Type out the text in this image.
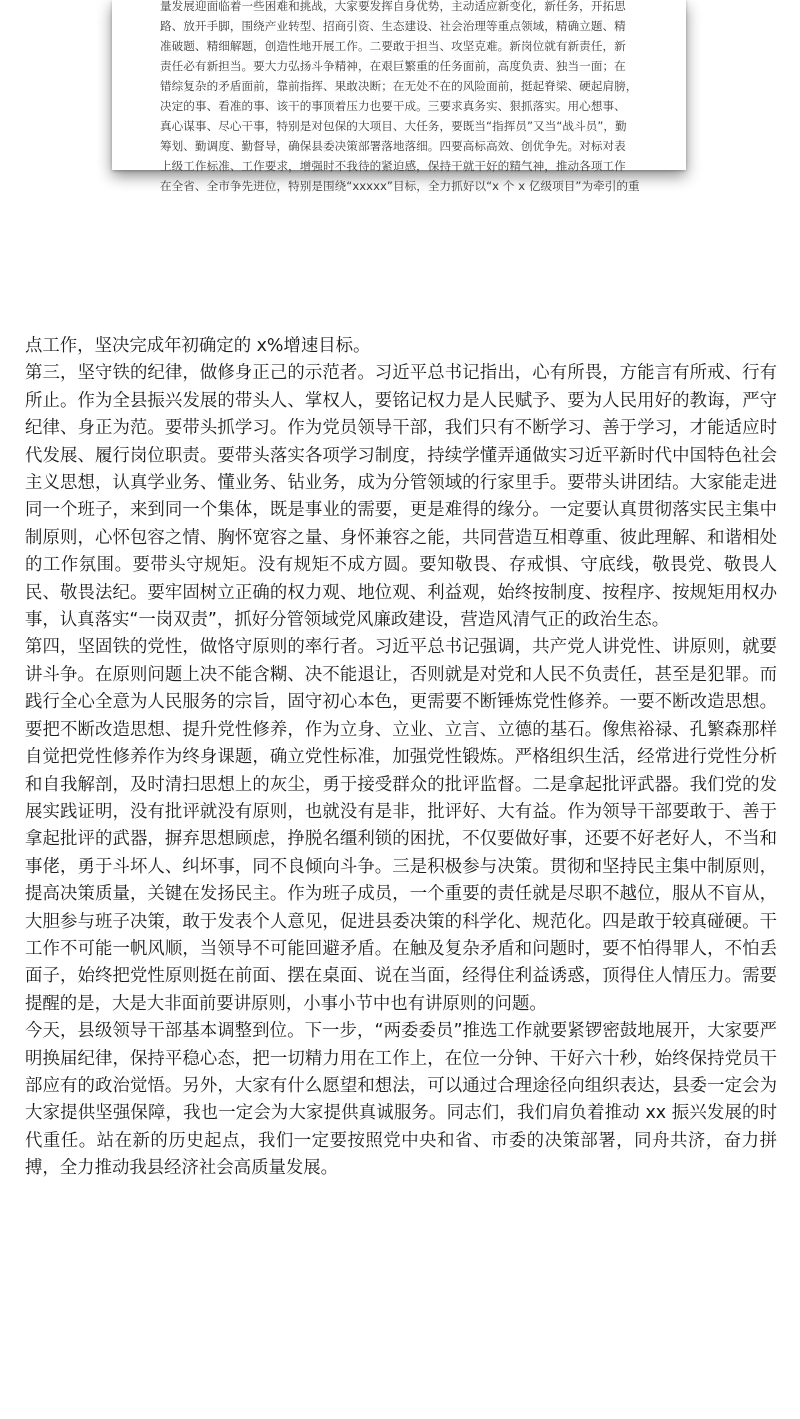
量发展迎面临着一些困难和挑战，大家要发挥自身优势，主动适应新变化，新任务，开拓思
路、放开手脚，围绕产业转型、招商引资、生态建设、社会治理等重点领域，精确立题、精
准破题、精细解题，创造性地开展工作。二要敢于担当、攻坚克难。新岗位就有新责任，新
责任必有新担当。要大力弘扬斗争精神，在艰巨繁重的任务面前，高度负责、独当一面；在
错综复杂的矛盾面前，靠前指挥、果敢决断；在无处不在的风险面前，挺起脊梁、硬起肩膀，
决定的事、看准的事、该干的事顶着压力也要干成。三要求真务实、狠抓落实。用心想事、
真心谋事、尽心干事，特别是对包保的大项目、大任务，要既当“指挥员”又当“战斗员”，勤
筹划、勤调度、勤督导，确保县委决策部署落地落细。四要高标高效、创优争先。对标对表
上级工作标准、工作要求，增强时不我待的紧迫感，保持干就干好的精气神，推动各项工作
在全省、全市争先进位，特别是围绕“xxxxx”目标，全力抓好以“x 个 x 亿级项目”为牵引的重

点工作，坚决完成年初确定的 x%增速目标。

第三，坚守铁的纪律，做修身正己的示范者。习近平总书记指出，心有所畏，方能言有所戒、行有所止。作为全县振兴发展的带头人、掌权人，要铭记权力是人民赋予、要为人民用好的教诲，严守纪律、身正为范。要带头抓学习。作为党员领导干部，我们只有不断学习、善于学习，才能适应时代发展、履行岗位职责。要带头落实各项学习制度，持续学懂弄通做实习近平新时代中国特色社会主义思想，认真学业务、懂业务、钻业务，成为分管领域的行家里手。要带头讲团结。大家能走进同一个班子，来到同一个集体，既是事业的需要，更是难得的缘分。一定要认真贯彻落实民主集中制原则，心怀包容之情、胸怀宽容之量、身怀兼容之能，共同营造互相尊重、彼此理解、和谐相处的工作氛围。要带头守规矩。没有规矩不成方圆。要知敬畏、存戒惧、守底线，敬畏党、敬畏人民、敬畏法纪。要牢固树立正确的权力观、地位观、利益观，始终按制度、按程序、按规矩用权办事，认真落实“一岗双责”，抓好分管领域党风廉政建设，营造风清气正的政治生态。

第四，坚固铁的党性，做恪守原则的率行者。习近平总书记强调，共产党人讲党性、讲原则，就要讲斗争。在原则问题上决不能含糊、决不能退让，否则就是对党和人民不负责任，甚至是犯罪。而践行全心全意为人民服务的宗旨，固守初心本色，更需要不断锤炼党性修养。一要不断改造思想。要把不断改造思想、提升党性修养，作为立身、立业、立言、立德的基石。像焦裕禄、孔繁森那样自觉把党性修养作为终身课题，确立党性标准，加强党性锻炼。严格组织生活，经常进行党性分析和自我解剖，及时清扫思想上的灰尘，勇于接受群众的批评监督。二是拿起批评武器。我们党的发展实践证明，没有批评就没有原则，也就没有是非，批评好、大有益。作为领导干部要敢于、善于拿起批评的武器，摒弃思想顾虑，挣脱名缰利锁的困扰，不仅要做好事，还要不好老好人，不当和事佬，勇于斗坏人、纠坏事，同不良倾向斗争。三是积极参与决策。贯彻和坚持民主集中制原则，提高决策质量，关键在发扬民主。作为班子成员，一个重要的责任就是尽职不越位，服从不盲从，大胆参与班子决策，敢于发表个人意见，促进县委决策的科学化、规范化。四是敢于较真碰硬。干工作不可能一帆风顺，当领导不可能回避矛盾。在触及复杂矛盾和问题时，要不怕得罪人，不怕丢面子，始终把党性原则挺在前面、摆在桌面、说在当面，经得住利益诱惑，顶得住人情压力。需要提醒的是，大是大非面前要讲原则，小事小节中也有讲原则的问题。

今天，县级领导干部基本调整到位。下一步，“两委委员”推选工作就要紧锣密鼓地展开，大家要严明换届纪律，保持平稳心态，把一切精力用在工作上，在位一分钟、干好六十秒，始终保持党员干部应有的政治觉悟。另外，大家有什么愿望和想法，可以通过合理途径向组织表达，县委一定会为大家提供坚强保障，我也一定会为大家提供真诚服务。同志们，我们肩负着推动 xx 振兴发展的时代重任。站在新的历史起点，我们一定要按照党中央和省、市委的决策部署，同舟共济，奋力拼搏，全力推动我县经济社会高质量发展。
